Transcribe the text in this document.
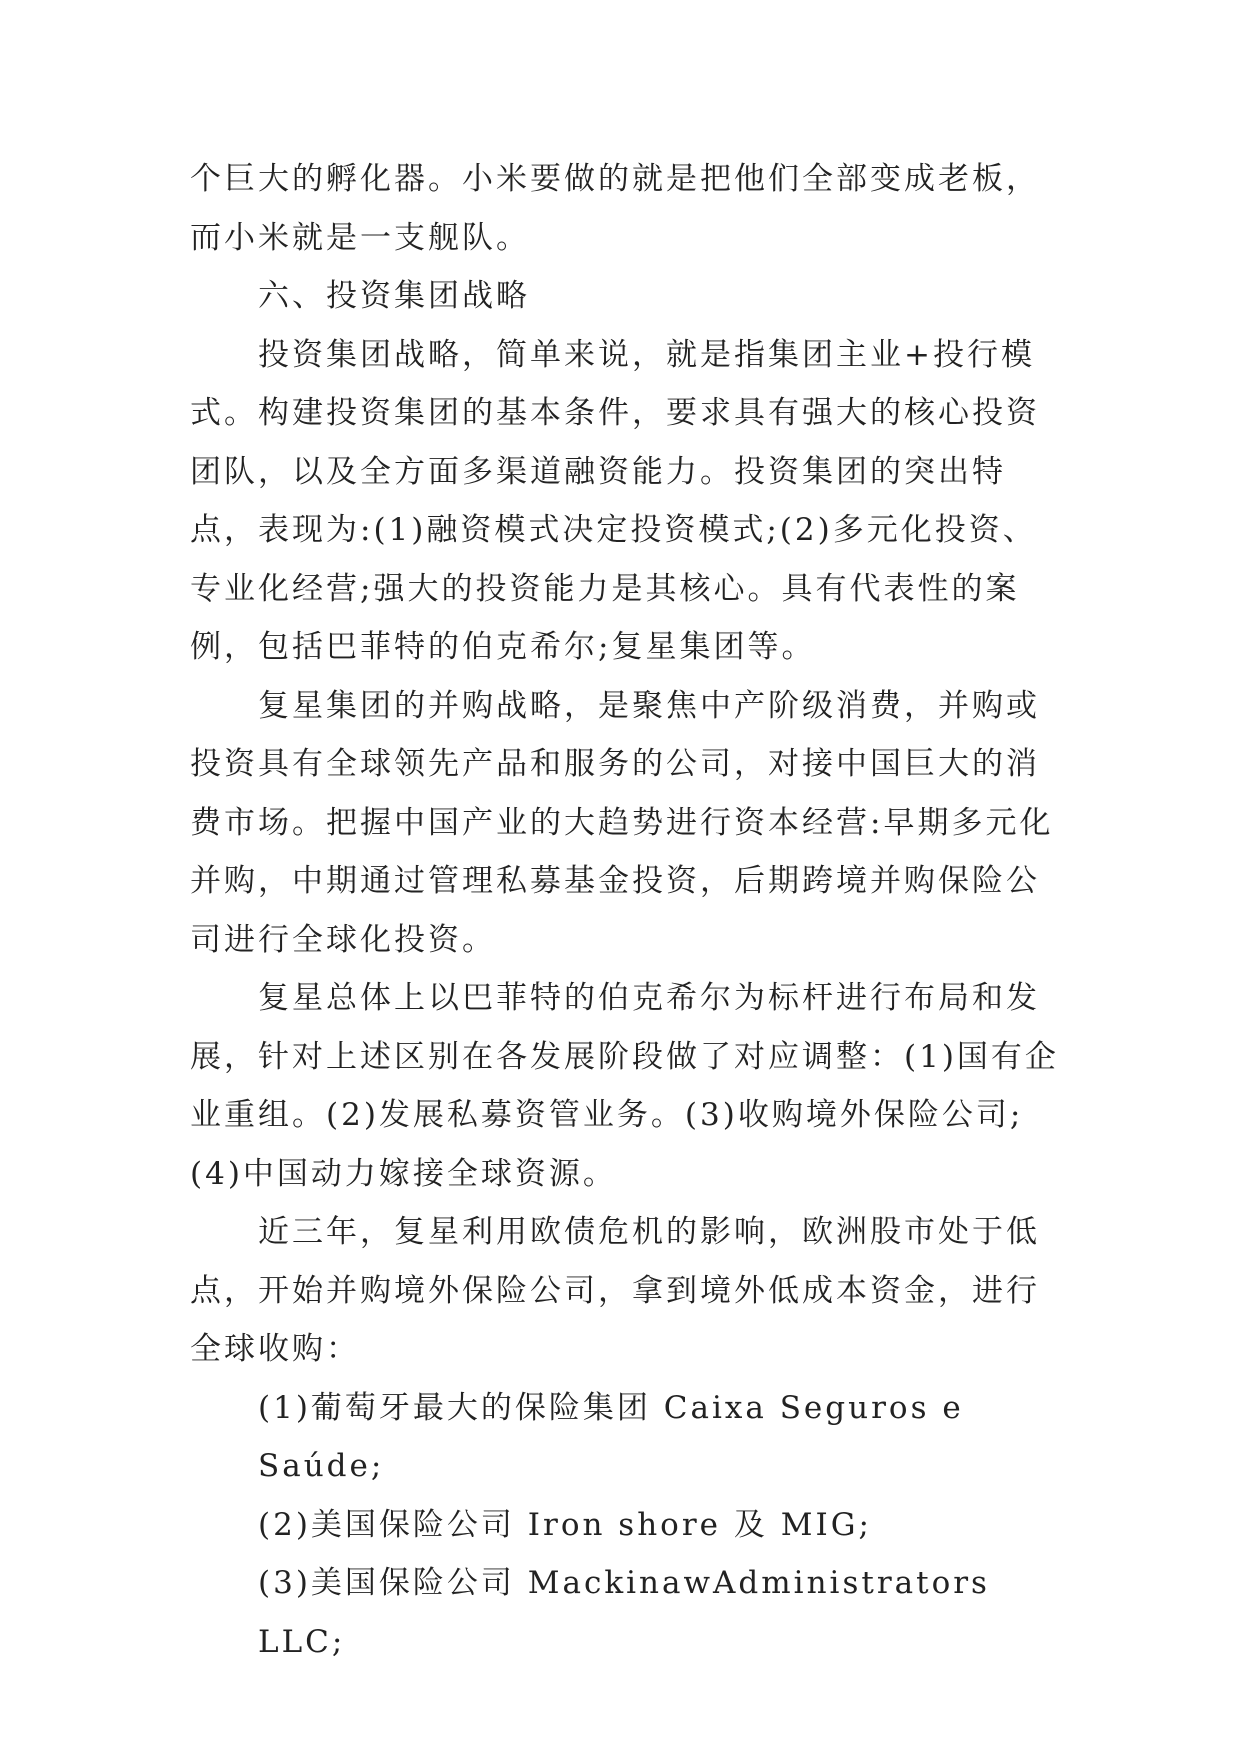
个巨大的孵化器。小米要做的就是把他们全部变成老板，而小米就是一支舰队。

六、投资集团战略

投资集团战略，简单来说，就是指集团主业+投行模式。构建投资集团的基本条件，要求具有强大的核心投资团队，以及全方面多渠道融资能力。投资集团的突出特点，表现为:(1)融资模式决定投资模式;(2)多元化投资、专业化经营;强大的投资能力是其核心。具有代表性的案例，包括巴菲特的伯克希尔;复星集团等。

复星集团的并购战略，是聚焦中产阶级消费，并购或投资具有全球领先产品和服务的公司，对接中国巨大的消费市场。把握中国产业的大趋势进行资本经营:早期多元化并购，中期通过管理私募基金投资，后期跨境并购保险公司进行全球化投资。

复星总体上以巴菲特的伯克希尔为标杆进行布局和发展，针对上述区别在各发展阶段做了对应调整：(1)国有企业重组。(2)发展私募资管业务。(3)收购境外保险公司;(4)中国动力嫁接全球资源。

近三年，复星利用欧债危机的影响，欧洲股市处于低点，开始并购境外保险公司，拿到境外低成本资金，进行全球收购：

(1)葡萄牙最大的保险集团 Caixa Seguros e Saúde;

(2)美国保险公司 Iron shore 及 MIG;

(3)美国保险公司 MackinawAdministrators LLC;
